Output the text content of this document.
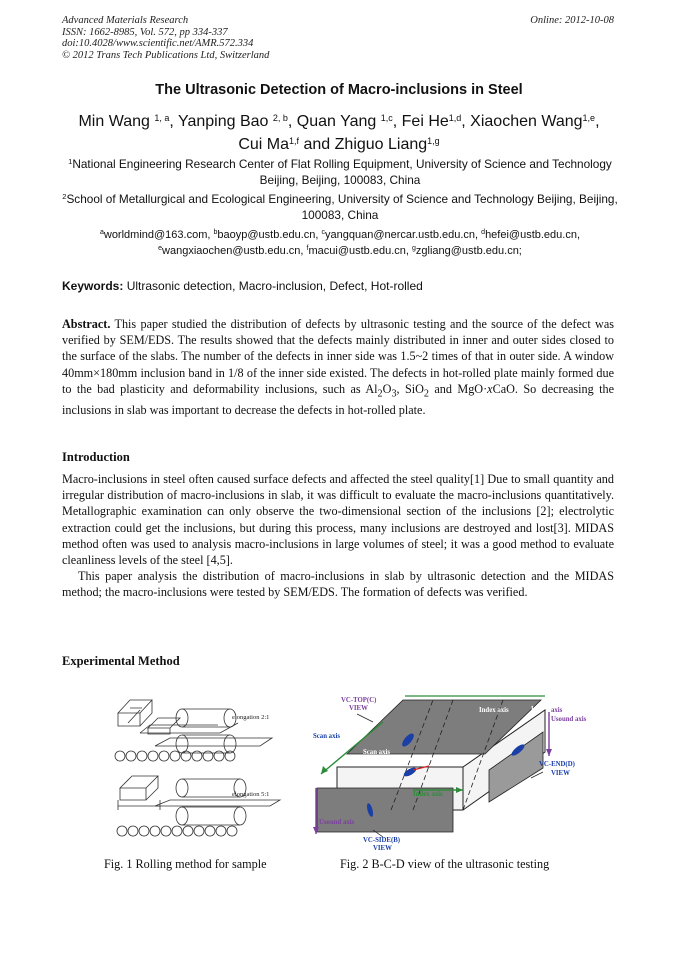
Advanced Materials Research
ISSN: 1662-8985, Vol. 572, pp 334-337
doi:10.4028/www.scientific.net/AMR.572.334
© 2012 Trans Tech Publications Ltd, Switzerland
Online: 2012-10-08
The Ultrasonic Detection of Macro-inclusions in Steel
Min Wang $^{1, a}$, Yanping Bao $^{2, b}$, Quan Yang $^{1,c}$, Fei He$^{1,d}$, Xiaochen Wang$^{1,e}$,
Cui Ma$^{1,f}$ and Zhiguo Liang$^{1,g}$
$^1$National Engineering Research Center of Flat Rolling Equipment, University of Science and Technology Beijing, Beijing, 100083, China
$^2$School of Metallurgical and Ecological Engineering, University of Science and Technology Beijing, Beijing, 100083, China
$^a$worldmind@163.com, $^b$baoyp@ustb.edu.cn, $^c$yangquan@nercar.ustb.edu.cn, $^d$hefei@ustb.edu.cn,
$^e$wangxiaochen@ustb.edu.cn, $^f$macui@ustb.edu.cn, $^g$zgliang@ustb.edu.cn;
Keywords: Ultrasonic detection, Macro-inclusion, Defect, Hot-rolled

Abstract. This paper studied the distribution of defects by ultrasonic testing and the source of the defect was verified by SEM/EDS. The results showed that the defects mainly distributed in inner and outer sides closed to the surface of the slabs. The number of the defects in inner side was 1.5~2 times of that in outer side. A window 40mm×180mm inclusion band in 1/8 of the inner side existed. The defects in hot-rolled plate mainly formed due to the bad plasticity and deformability inclusions, such as $Al_2O_3$, SiO$_2$ and MgO·xCaO. So decreasing the inclusions in slab was important to decrease the defects in hot-rolled plate.

Introduction

Macro-inclusions in steel often caused surface defects and affected the steel quality[1] Due to small quantity and irregular distribution of macro-inclusions in slab, it was difficult to evaluate the macro-inclusions quantitatively. Metallographic examination can only observe the two-dimensional section of the inclusions [2]; electrolytic extraction could get the inclusions, but during this process, many inclusions are destroyed and lost[3]. MIDAS method often was used to analysis macro-inclusions in large volumes of steel; it was a good method to evaluate cleanliness levels of the steel [4,5].

This paper analysis the distribution of macro-inclusions in slab by ultrasonic detection and the MIDAS method; the macro-inclusions were tested by SEM/EDS. The formation of defects was verified.

Experimental Method
elongation 2:1
elongation 5:1
Fig. 1 Rolling method for sample
VC-TOP(C)
VIEW
Scan axis
Scan axis
Index axis	In axis
Usound axis
VC-END(D)
VIEW
Index axis
Usound axis
VC-SIDE(B)
VIEW
Fig. 2 B-C-D view of the ultrasonic testing
